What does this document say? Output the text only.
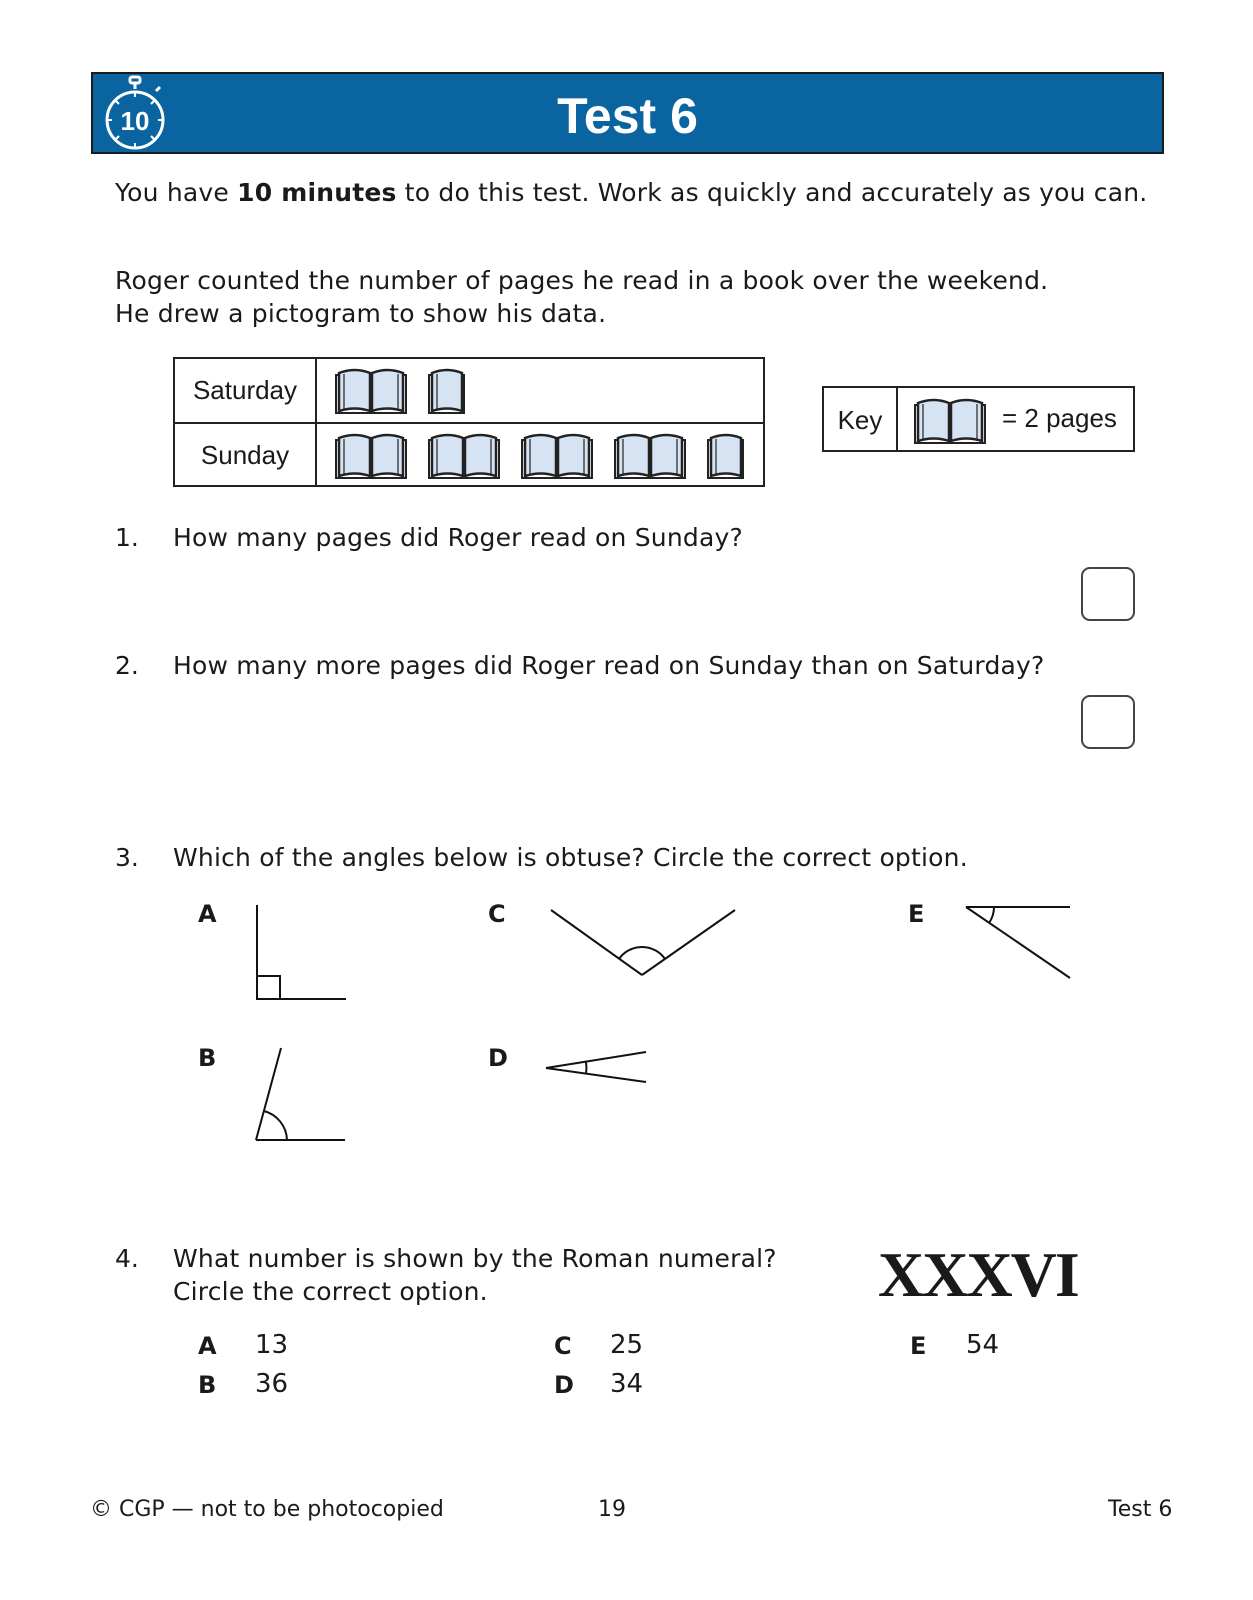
10	Test 6
You have 10 minutes to do this test. Work as quickly and accurately as you can.
Roger counted the number of pages he read in a book over the weekend.
He drew a pictogram to show his data.
Saturday
Sunday
Key	= 2 pages
1. How many pages did Roger read on Sunday?
2. How many more pages did Roger read on Sunday than on Saturday?
3. Which of the angles below is obtuse? Circle the correct option.
A
B
C
D
E
4. What number is shown by the Roman numeral?
Circle the correct option.	XXXVI
A 13
B 36
C 25
D 34
E 54
© CGP — not to be photocopied	19	Test 6
